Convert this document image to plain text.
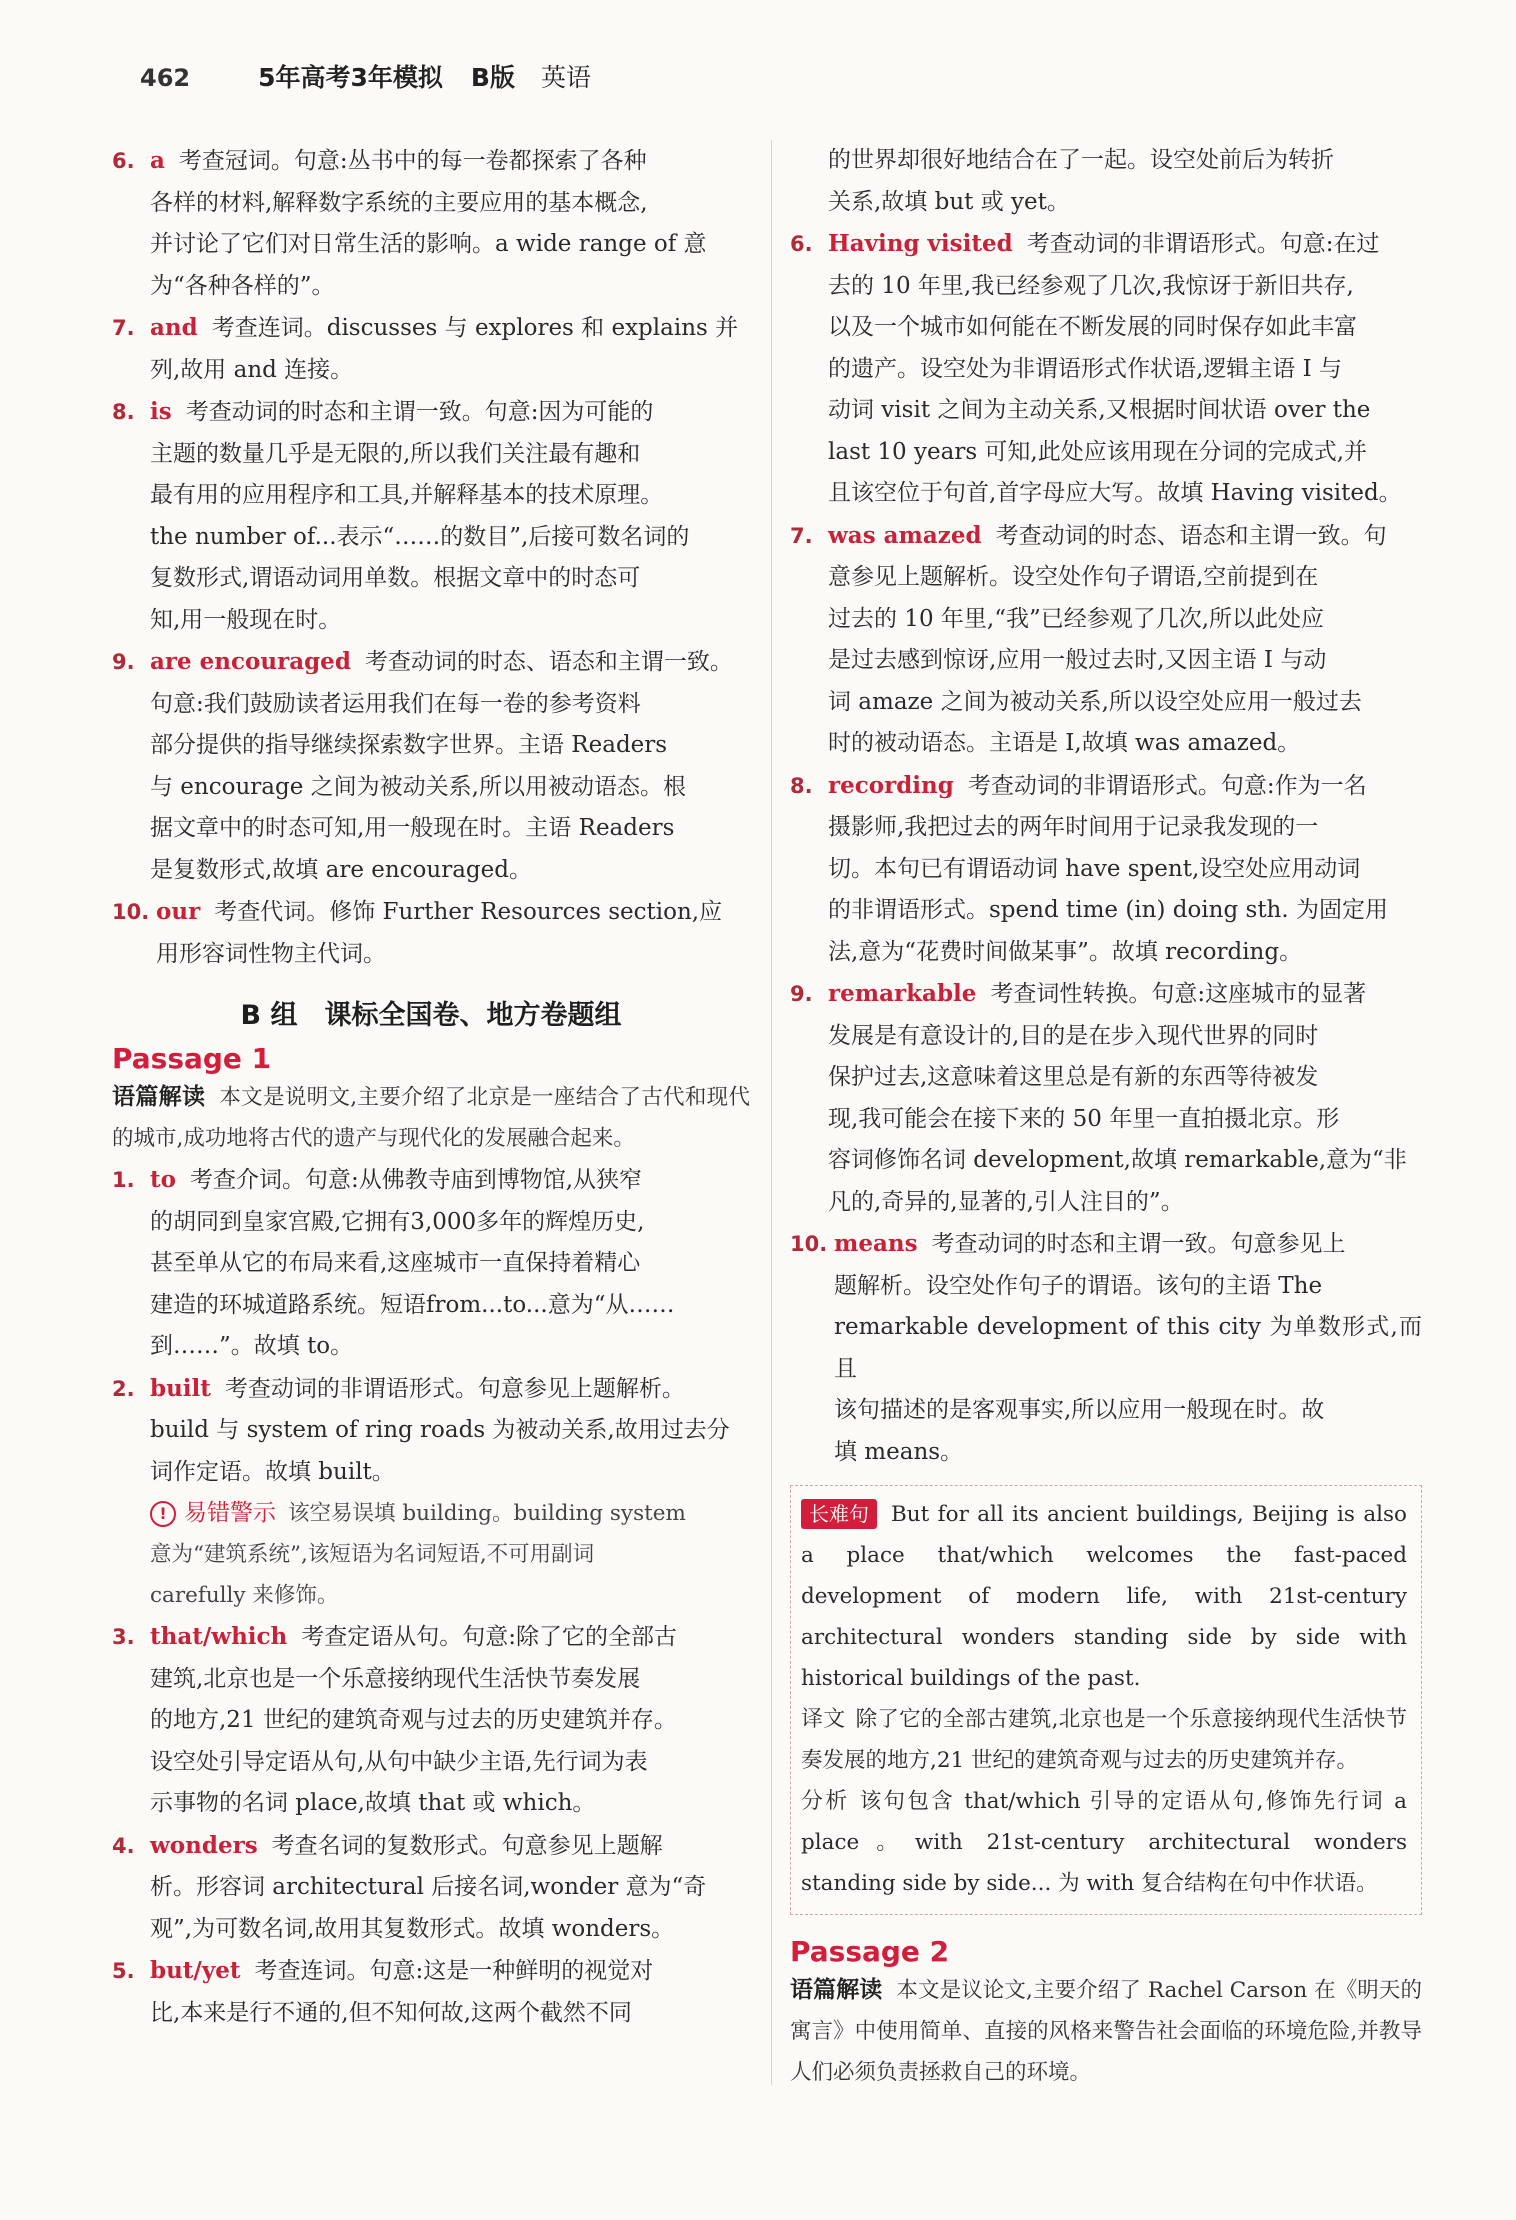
462	5年高考3年模拟 B版 英语

6. a 考查冠词。句意:丛书中的每一卷都探索了各种

各样的材料,解释数字系统的主要应用的基本概念,

并讨论了它们对日常生活的影响。a wide range of 意

为“各种各样的”。

7. and 考查连词。discusses 与 explores 和 explains 并

列,故用 and 连接。

8. is 考查动词的时态和主谓一致。句意:因为可能的

主题的数量几乎是无限的,所以我们关注最有趣和

最有用的应用程序和工具,并解释基本的技术原理。

the number of...表示“……的数目”,后接可数名词的

复数形式,谓语动词用单数。根据文章中的时态可

知,用一般现在时。

9. are encouraged 考查动词的时态、语态和主谓一致。

句意:我们鼓励读者运用我们在每一卷的参考资料

部分提供的指导继续探索数字世界。主语 Readers

与 encourage 之间为被动关系,所以用被动语态。根

据文章中的时态可知,用一般现在时。主语 Readers

是复数形式,故填 are encouraged。

10. our 考查代词。修饰 Further Resources section,应

用形容词性物主代词。

B 组　课标全国卷、地方卷题组
Passage 1

语篇解读 本文是说明文,主要介绍了北京是一座结合了古代和现代的城市,成功地将古代的遗产与现代化的发展融合起来。

1. to 考查介词。句意:从佛教寺庙到博物馆,从狭窄

的胡同到皇家宫殿,它拥有3,000多年的辉煌历史,

甚至单从它的布局来看,这座城市一直保持着精心

建造的环城道路系统。短语from...to...意为“从……

到……”。故填 to。

2. built 考查动词的非谓语形式。句意参见上题解析。

build 与 system of ring roads 为被动关系,故用过去分

词作定语。故填 built。

! 易错警示 该空易误填 building。building system
意为“建筑系统”,该短语为名词短语,不可用副词
carefully 来修饰。

3. that/which 考查定语从句。句意:除了它的全部古

建筑,北京也是一个乐意接纳现代生活快节奏发展

的地方,21 世纪的建筑奇观与过去的历史建筑并存。

设空处引导定语从句,从句中缺少主语,先行词为表

示事物的名词 place,故填 that 或 which。

4. wonders 考查名词的复数形式。句意参见上题解

析。形容词 architectural 后接名词,wonder 意为“奇

观”,为可数名词,故用其复数形式。故填 wonders。

5. but/yet 考查连词。句意:这是一种鲜明的视觉对

比,本来是行不通的,但不知何故,这两个截然不同

的世界却很好地结合在了一起。设空处前后为转折
关系,故填 but 或 yet。

6. Having visited 考查动词的非谓语形式。句意:在过

去的 10 年里,我已经参观了几次,我惊讶于新旧共存,

以及一个城市如何能在不断发展的同时保存如此丰富

的遗产。设空处为非谓语形式作状语,逻辑主语 I 与

动词 visit 之间为主动关系,又根据时间状语 over the

last 10 years 可知,此处应该用现在分词的完成式,并

且该空位于句首,首字母应大写。故填 Having visited。

7. was amazed 考查动词的时态、语态和主谓一致。句

意参见上题解析。设空处作句子谓语,空前提到在

过去的 10 年里,“我”已经参观了几次,所以此处应

是过去感到惊讶,应用一般过去时,又因主语 I 与动

词 amaze 之间为被动关系,所以设空处应用一般过去

时的被动语态。主语是 I,故填 was amazed。

8. recording 考查动词的非谓语形式。句意:作为一名

摄影师,我把过去的两年时间用于记录我发现的一

切。本句已有谓语动词 have spent,设空处应用动词

的非谓语形式。spend time (in) doing sth. 为固定用

法,意为“花费时间做某事”。故填 recording。

9. remarkable 考查词性转换。句意:这座城市的显著

发展是有意设计的,目的是在步入现代世界的同时

保护过去,这意味着这里总是有新的东西等待被发

现,我可能会在接下来的 50 年里一直拍摄北京。形

容词修饰名词 development,故填 remarkable,意为“非

凡的,奇异的,显著的,引人注目的”。

10. means 考查动词的时态和主谓一致。句意参见上

题解析。设空处作句子的谓语。该句的主语 The

remarkable development of this city 为单数形式,而且

该句描述的是客观事实,所以应用一般现在时。故

填 means。

长难句 But for all its ancient buildings, Beijing is also a place that/which welcomes the fast-paced development of modern life, with 21st-century architectural wonders standing side by side with historical buildings of the past.

译文 除了它的全部古建筑,北京也是一个乐意接纳现代生活快节奏发展的地方,21 世纪的建筑奇观与过去的历史建筑并存。

分析 该句包含 that/which 引导的定语从句,修饰先行词 a place。with 21st-century architectural wonders standing side by side... 为 with 复合结构在句中作状语。

Passage 2

语篇解读 本文是议论文,主要介绍了 Rachel Carson 在《明天的寓言》中使用简单、直接的风格来警告社会面临的环境危险,并教导人们必须负责拯救自己的环境。
